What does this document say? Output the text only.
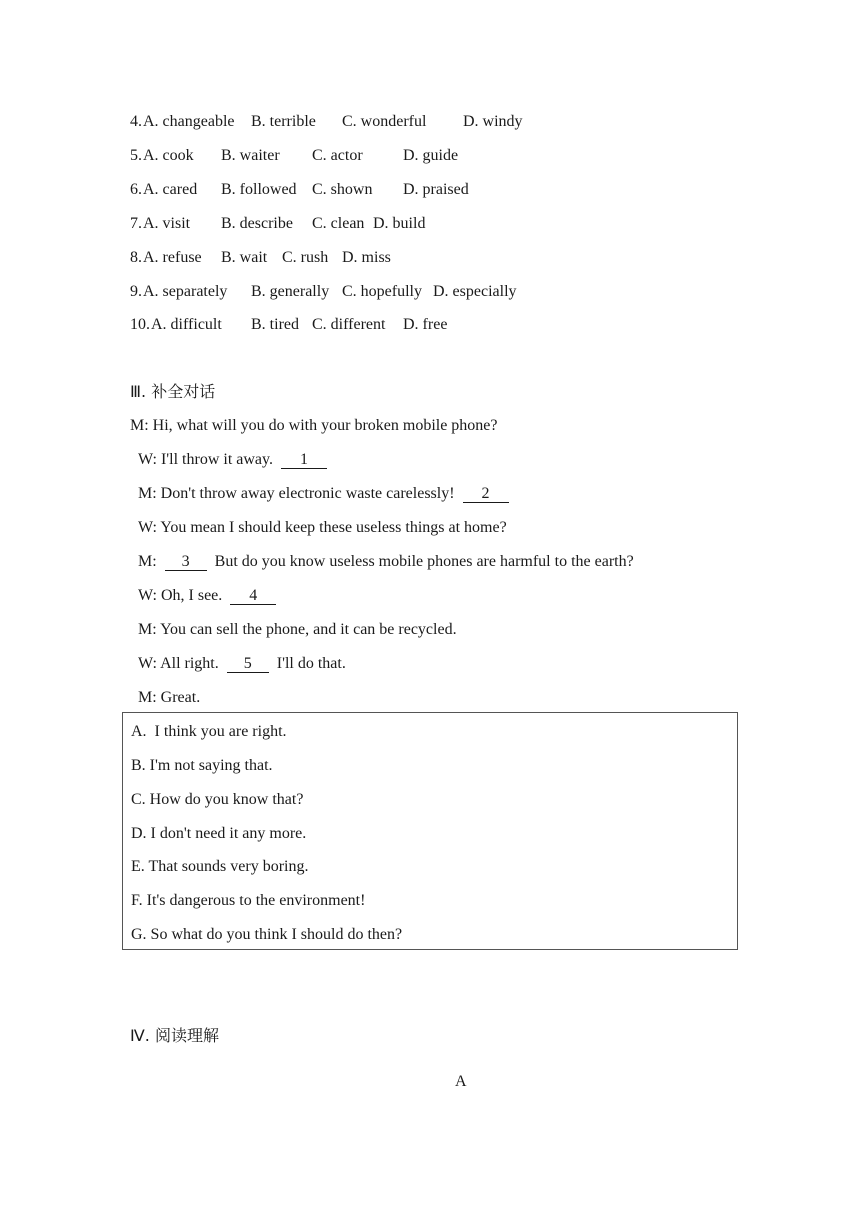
4.

A. changeable

B. terrible

C. wonderful

D. windy

5.

A. cook

B. waiter

C. actor

	D. guide

6.

A. cared

B. followed

C. shown

D. praised

7.

A. visit

B. describe

C. clean

D. build

8.

A. refuse

B. wait

C. rush

D. miss

9.

A. separately

B. generally

C. hopefully

D. especially

10.

A. difficult

B. tired

C. different

D. free

Ⅲ. 补全对话
M: Hi, what will you do with your broken mobile phone?
W: I'll throw it away.  1
M: Don't throw away electronic waste carelessly!  2
W: You mean I should keep these useless things at home?
M:  3  But do you know useless mobile phones are harmful to the earth?
W: Oh, I see.  4
M: You can sell the phone, and it can be recycled.
W: All right.  5  I'll do that.
M: Great.
A.  I think you are right.
B. I'm not saying that.
C. How do you know that?
D. I don't need it any more.
E. That sounds very boring.
F. It's dangerous to the environment!
G. So what do you think I should do then?
Ⅳ. 阅读理解
A
